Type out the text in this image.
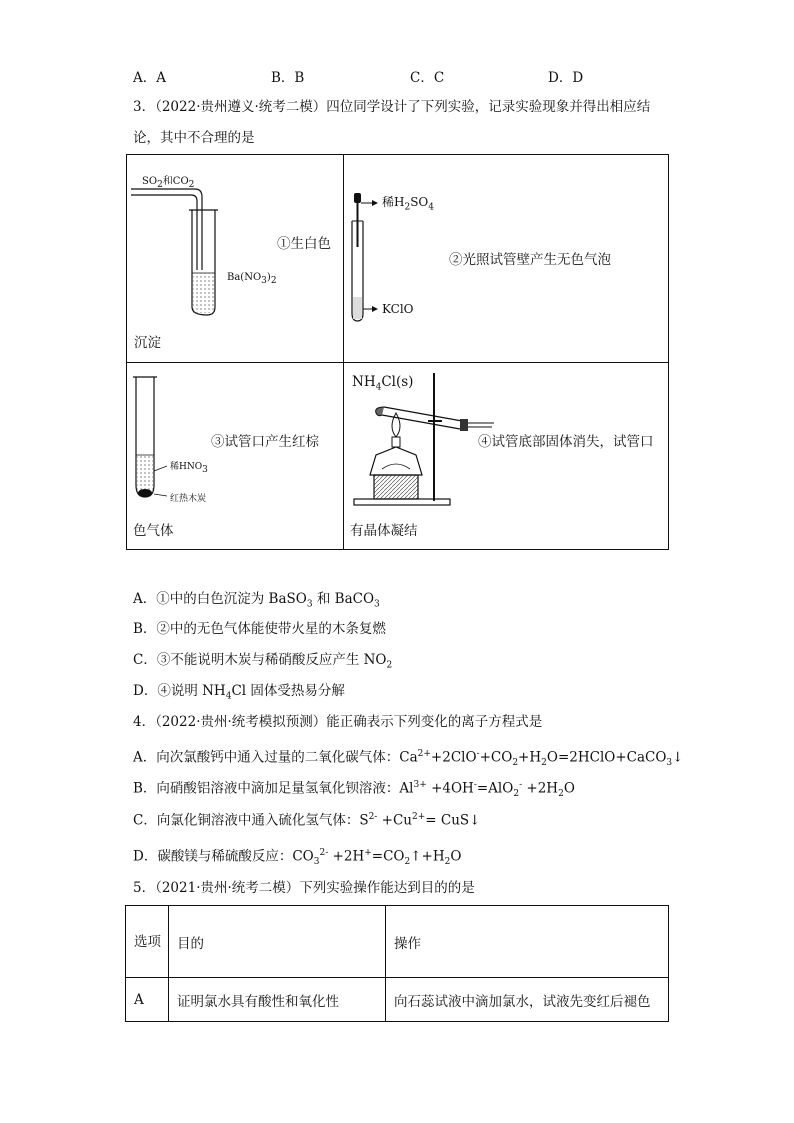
A．A	B．B	C．C	D．D
3．（2022·贵州遵义·统考二模）四位同学设计了下列实验，记录实验现象并得出相应结
论，其中不合理的是
$SO_2$和$CO_2$
$Ba(NO_3)_2$
①生白色
沉淀
稀$H_2SO_4$
KClO
②光照试管壁产生无色气泡
稀$HNO_3$
红热木炭
③试管口产生红棕
色气体
$NH_4Cl(s)$
④试管底部固体消失，试管口
有晶体凝结
A．①中的白色沉淀为 BaSO$_3$ 和 BaCO$_3$
B．②中的无色气体能使带火星的木条复燃
C．③不能说明木炭与稀硝酸反应产生 $NO_2$
D．④说明 $NH_4Cl$ 固体受热易分解
4．（2022·贵州·统考模拟预测）能正确表示下列变化的离子方程式是
A．向次氯酸钙中通入过量的二氧化碳气体：$Ca^{2+}+2ClO^-+CO_2+H_2O=2HClO+CaCO_3↓$
B．向硝酸铝溶液中滴加足量氢氧化钡溶液：$Al^{3+} +4OH^-=AlO_2^- +2H_2O$
C．向氯化铜溶液中通入硫化氢气体：$S^{2-} +Cu^{2+}=$ CuS↓
D．碳酸镁与稀硫酸反应：$CO_3^{2-}$ $+2H^+=CO_2↑+H_2O$
5．（2021·贵州·统考二模）下列实验操作能达到目的的是
选项	目的	操作
A	证明氯水具有酸性和氧化性	向石蕊试液中滴加氯水，试液先变红后褪色
